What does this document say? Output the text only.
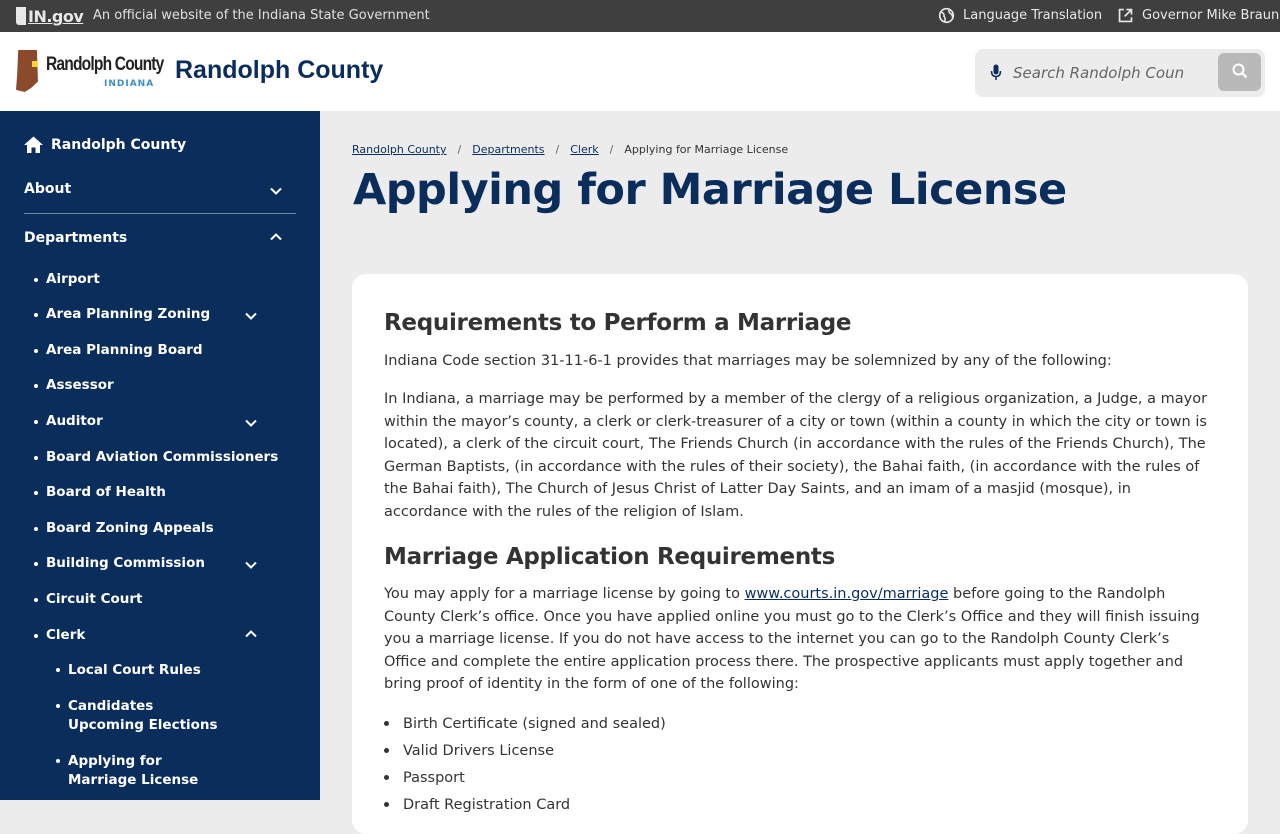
IN.gov An official website of the Indiana State Government	Language Translation	Governor Mike Braun
Randolph County
INDIANA Randolph County
Search Randolph Coun
Randolph County
About
Departments
Airport
Area Planning Zoning
Area Planning Board
Assessor
Auditor
Board Aviation Commissioners
Board of Health
Board Zoning Appeals
Building Commission
Circuit Court
Clerk
Local Court Rules
Candidates Upcoming Elections
Applying for Marriage License
Randolph County / Departments / Clerk / Applying for Marriage License
Applying for Marriage License
Requirements to Perform a Marriage

Indiana Code section 31-11-6-1 provides that marriages may be solemnized by any of the following:

In Indiana, a marriage may be performed by a member of the clergy of a religious organization, a Judge, a mayor within the mayor’s county, a clerk or clerk-treasurer of a city or town (within a county in which the city or town is located), a clerk of the circuit court, The Friends Church (in accordance with the rules of the Friends Church), The German Baptists, (in accordance with the rules of their society), the Bahai faith, (in accordance with the rules of the Bahai faith), The Church of Jesus Christ of Latter Day Saints, and an imam of a masjid (mosque), in accordance with the rules of the religion of Islam.

Marriage Application Requirements

You may apply for a marriage license by going to www.courts.in.gov/marriage before going to the Randolph County Clerk’s office. Once you have applied online you must go to the Clerk’s Office and they will finish issuing you a marriage license. If you do not have access to the internet you can go to the Randolph County Clerk’s Office and complete the entire application process there. The prospective applicants must apply together and bring proof of identity in the form of one of the following:

Birth Certificate (signed and sealed)
Valid Drivers License
Passport
Draft Registration Card
